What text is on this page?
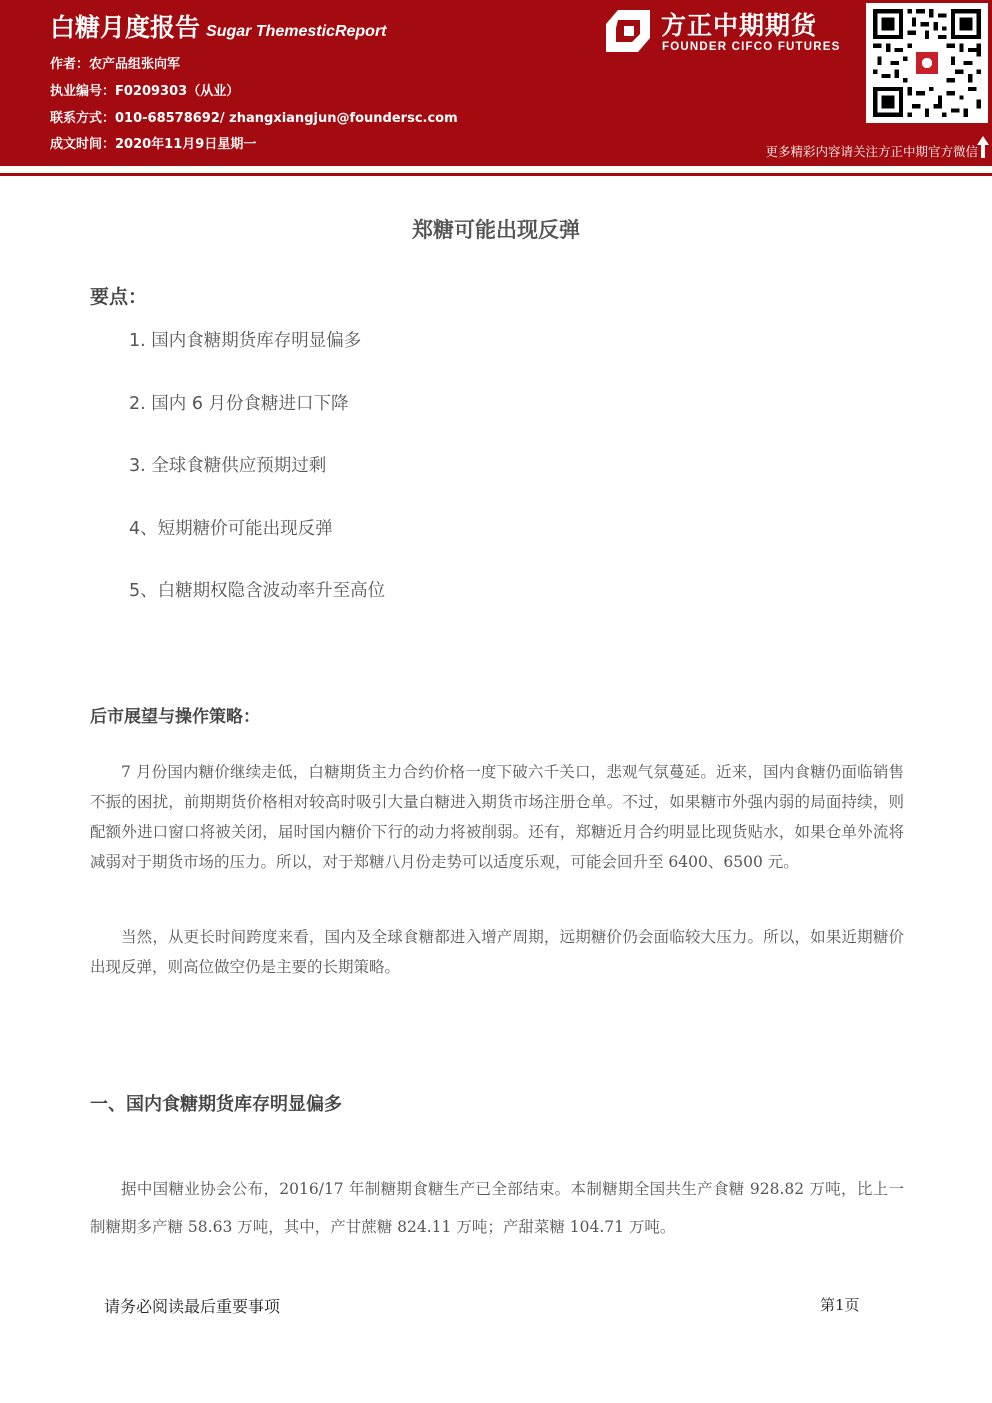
白糖月度报告 Sugar ThemesticReport
作者：农产品组张向军
执业编号：F0209303（从业）
联系方式：010-68578692/ zhangxiangjun@foundersc.com
成文时间：2020年11月9日星期一
方正中期期货
FOUNDER CIFCO FUTURES
更多精彩内容请关注方正中期官方微信
郑糖可能出现反弹
要点：
1. 国内食糖期货库存明显偏多
2. 国内 6 月份食糖进口下降
3. 全球食糖供应预期过剩
4、短期糖价可能出现反弹
5、白糖期权隐含波动率升至高位
后市展望与操作策略：

7 月份国内糖价继续走低，白糖期货主力合约价格一度下破六千关口，悲观气氛蔓延。近来，国内食糖仍面临销售不振的困扰，前期期货价格相对较高时吸引大量白糖进入期货市场注册仓单。不过，如果糖市外强内弱的局面持续，则配额外进口窗口将被关闭，届时国内糖价下行的动力将被削弱。还有，郑糖近月合约明显比现货贴水，如果仓单外流将减弱对于期货市场的压力。所以，对于郑糖八月份走势可以适度乐观，可能会回升至 6400、6500 元。

当然，从更长时间跨度来看，国内及全球食糖都进入增产周期，远期糖价仍会面临较大压力。所以，如果近期糖价出现反弹，则高位做空仍是主要的长期策略。

一、国内食糖期货库存明显偏多

据中国糖业协会公布，2016/17 年制糖期食糖生产已全部结束。本制糖期全国共生产食糖 928.82 万吨，比上一制糖期多产糖 58.63 万吨，其中，产甘蔗糖 824.11 万吨；产甜菜糖 104.71 万吨。

请务必阅读最后重要事项	第1页
